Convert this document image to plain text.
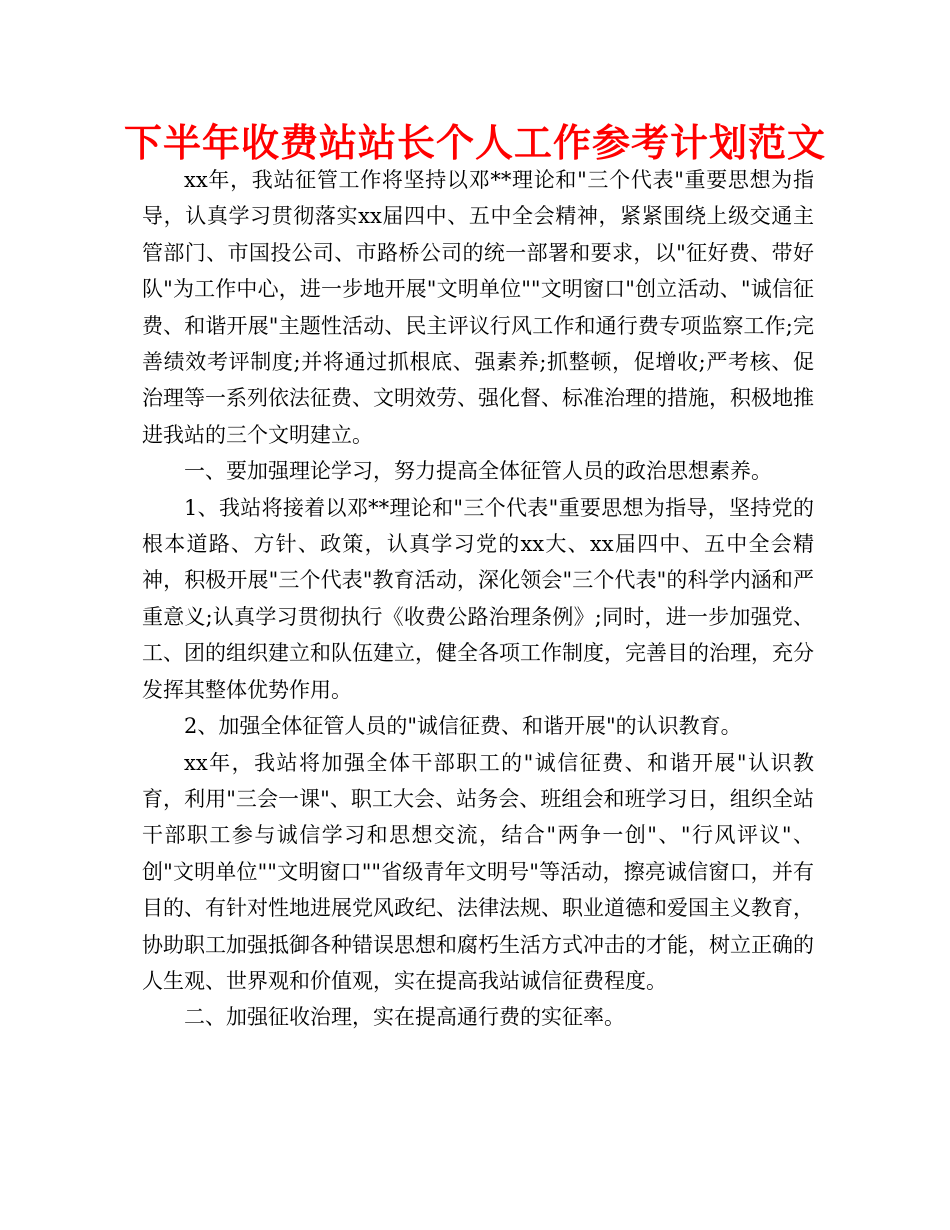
下半年收费站站长个人工作参考计划范文

xx年，我站征管工作将坚持以邓**理论和"三个代表"重要思想为指导，认真学习贯彻落实xx届四中、五中全会精神，紧紧围绕上级交通主管部门、市国投公司、市路桥公司的统一部署和要求，以"征好费、带好队"为工作中心，进一步地开展"文明单位""文明窗口"创立活动、"诚信征费、和谐开展"主题性活动、民主评议行风工作和通行费专项监察工作;完善绩效考评制度;并将通过抓根底、强素养;抓整顿，促增收;严考核、促治理等一系列依法征费、文明效劳、强化督、标准治理的措施，积极地推进我站的三个文明建立。

一、要加强理论学习，努力提高全体征管人员的政治思想素养。

1、我站将接着以邓**理论和"三个代表"重要思想为指导，坚持党的根本道路、方针、政策，认真学习党的xx大、xx届四中、五中全会精神，积极开展"三个代表"教育活动，深化领会"三个代表"的科学内涵和严重意义;认真学习贯彻执行《收费公路治理条例》;同时，进一步加强党、工、团的组织建立和队伍建立，健全各项工作制度，完善目的治理，充分发挥其整体优势作用。

2、加强全体征管人员的"诚信征费、和谐开展"的认识教育。

xx年，我站将加强全体干部职工的"诚信征费、和谐开展"认识教育，利用"三会一课"、职工大会、站务会、班组会和班学习日，组织全站干部职工参与诚信学习和思想交流，结合"两争一创"、"行风评议"、创"文明单位""文明窗口""省级青年文明号"等活动，擦亮诚信窗口，并有目的、有针对性地进展党风政纪、法律法规、职业道德和爱国主义教育，协助职工加强抵御各种错误思想和腐朽生活方式冲击的才能，树立正确的人生观、世界观和价值观，实在提高我站诚信征费程度。

二、加强征收治理，实在提高通行费的实征率。
